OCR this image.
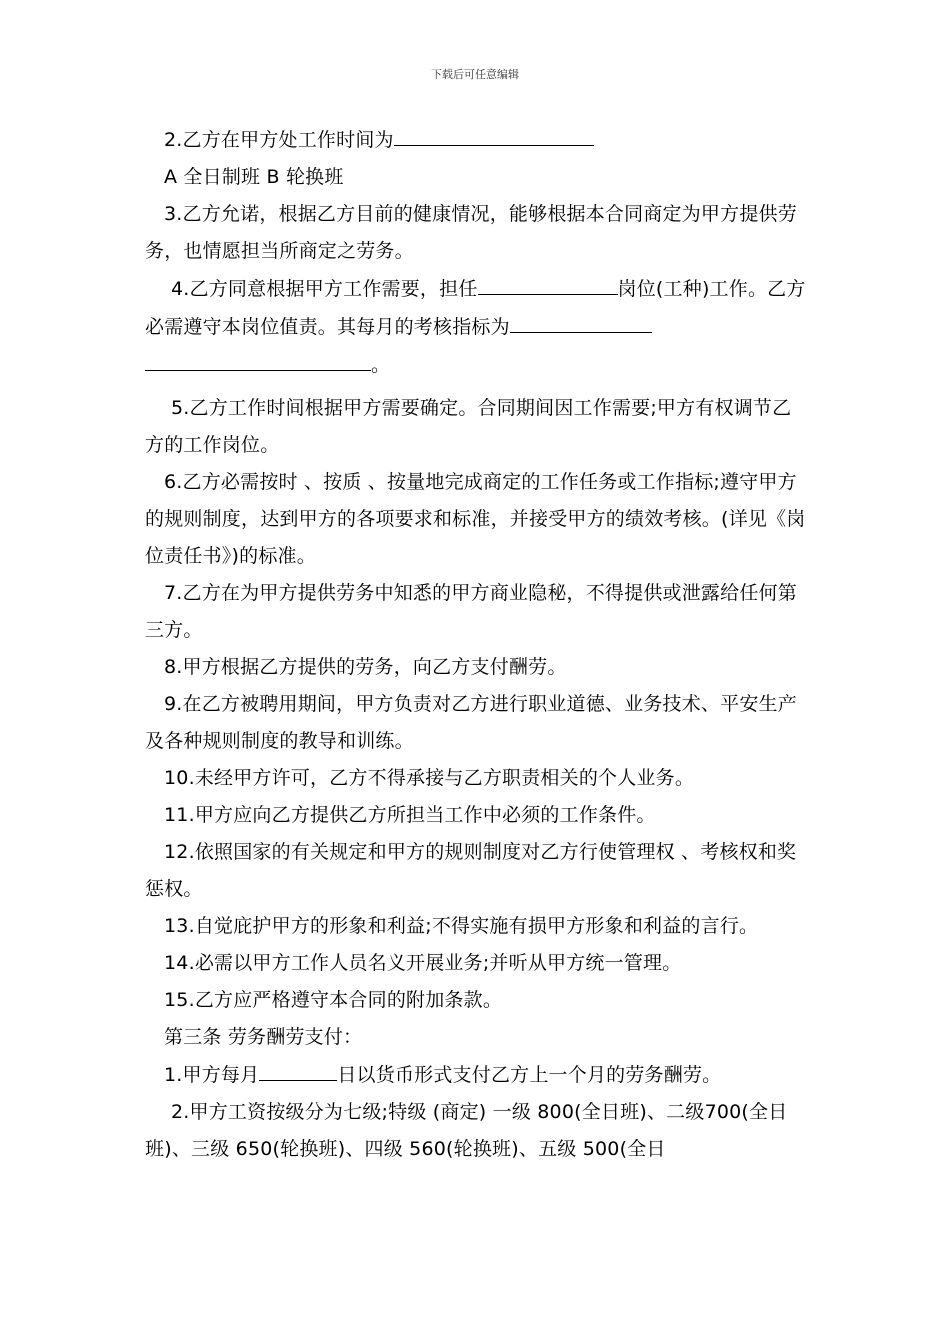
下载后可任意编辑

2.乙方在甲方处工作时间为

A 全日制班 B 轮换班

3.乙方允诺，根据乙方目前的健康情况，能够根据本合同商定为甲方提供劳务，也情愿担当所商定之劳务。

4.乙方同意根据甲方工作需要，担任	岗位(工种)工作。乙方必需遵守本岗位值责。其每月的考核指标为
。

5.乙方工作时间根据甲方需要确定。合同期间因工作需要;甲方有权调节乙方的工作岗位。

6.乙方必需按时 、按质 、按量地完成商定的工作任务或工作指标;遵守甲方的规则制度，达到甲方的各项要求和标准，并接受甲方的绩效考核。(详见《岗位责任书》)的标准。

7.乙方在为甲方提供劳务中知悉的甲方商业隐秘，不得提供或泄露给任何第三方。

8.甲方根据乙方提供的劳务，向乙方支付酬劳。

9.在乙方被聘用期间，甲方负责对乙方进行职业道德、业务技术、平安生产及各种规则制度的教导和训练。

10.未经甲方许可，乙方不得承接与乙方职责相关的个人业务。

11.甲方应向乙方提供乙方所担当工作中必须的工作条件。

12.依照国家的有关规定和甲方的规则制度对乙方行使管理权 、考核权和奖惩权。

13.自觉庇护甲方的形象和利益;不得实施有损甲方形象和利益的言行。

14.必需以甲方工作人员名义开展业务;并听从甲方统一管理。

15.乙方应严格遵守本合同的附加条款。

第三条 劳务酬劳支付：

1.甲方每月	日以货币形式支付乙方上一个月的劳务酬劳。

2.甲方工资按级分为七级;特级 (商定) 一级 800(全日班)、二级700(全日班)、三级 650(轮换班)、四级 560(轮换班)、五级 500(全日
